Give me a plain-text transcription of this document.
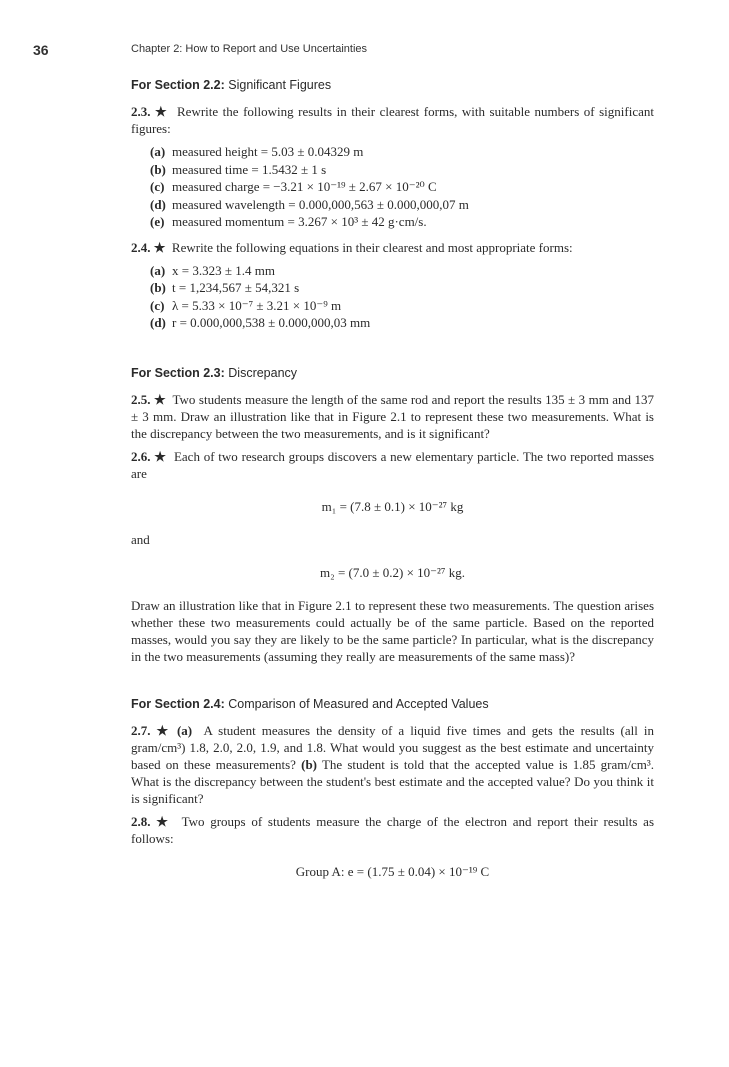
36	Chapter 2: How to Report and Use Uncertainties
For Section 2.2: Significant Figures

2.3. ★ Rewrite the following results in their clearest forms, with suitable numbers of significant figures:

(a) measured height = 5.03 ± 0.04329 m
(b) measured time = 1.5432 ± 1 s
(c) measured charge = −3.21 × 10⁻¹⁹ ± 2.67 × 10⁻²⁰ C
(d) measured wavelength = 0.000,000,563 ± 0.000,000,07 m
(e) measured momentum = 3.267 × 10³ ± 42 g·cm/s.

2.4. ★ Rewrite the following equations in their clearest and most appropriate forms:

(a) x = 3.323 ± 1.4 mm
(b) t = 1,234,567 ± 54,321 s
(c) λ = 5.33 × 10⁻⁷ ± 3.21 × 10⁻⁹ m
(d) r = 0.000,000,538 ± 0.000,000,03 mm
For Section 2.3: Discrepancy

2.5. ★ Two students measure the length of the same rod and report the results 135 ± 3 mm and 137 ± 3 mm. Draw an illustration like that in Figure 2.1 to represent these two measurements. What is the discrepancy between the two measurements, and is it significant?

2.6. ★ Each of two research groups discovers a new elementary particle. The two reported masses are

m₁ = (7.8 ± 0.1) × 10⁻²⁷ kg

and

m₂ = (7.0 ± 0.2) × 10⁻²⁷ kg.

Draw an illustration like that in Figure 2.1 to represent these two measurements. The question arises whether these two measurements could actually be of the same particle. Based on the reported masses, would you say they are likely to be the same particle? In particular, what is the discrepancy in the two measurements (assuming they really are measurements of the same mass)?

For Section 2.4: Comparison of Measured and Accepted Values

2.7. ★ (a) A student measures the density of a liquid five times and gets the results (all in gram/cm³) 1.8, 2.0, 2.0, 1.9, and 1.8. What would you suggest as the best estimate and uncertainty based on these measurements? (b) The student is told that the accepted value is 1.85 gram/cm³. What is the discrepancy between the student's best estimate and the accepted value? Do you think it is significant?

2.8. ★ Two groups of students measure the charge of the electron and report their results as follows:

Group A: e = (1.75 ± 0.04) × 10⁻¹⁹ C
